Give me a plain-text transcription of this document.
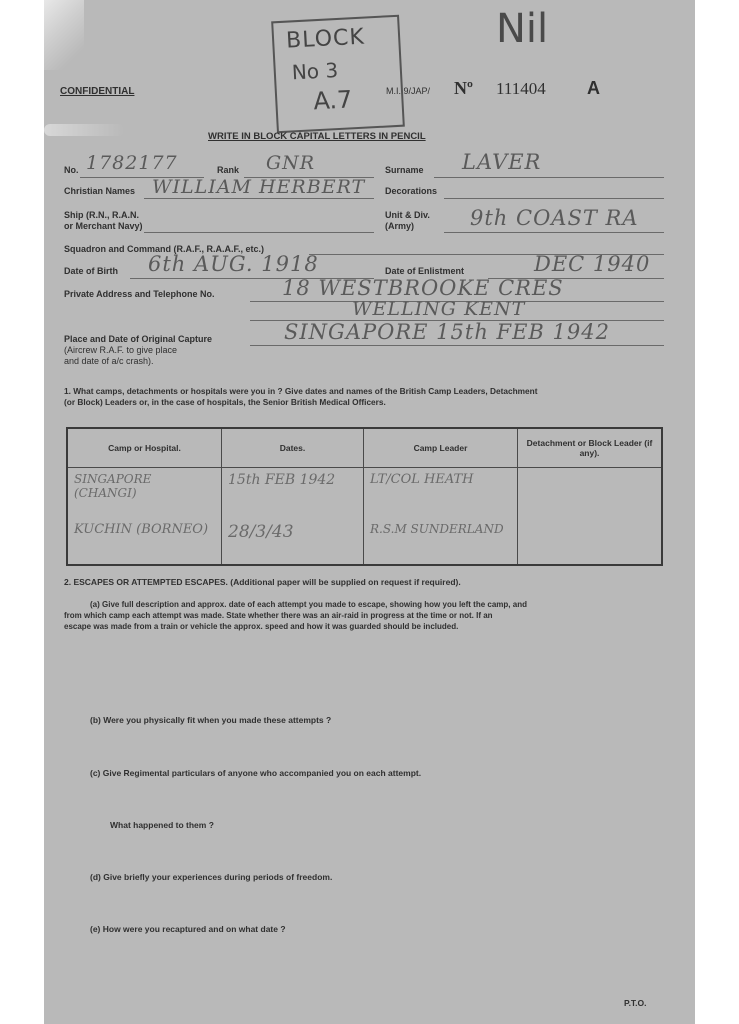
CONFIDENTIAL
BLOCK
No 3
A.7
Nil
M.I. 9/JAP/ Nº 111404 A
WRITE IN BLOCK CAPITAL LETTERS IN PENCIL
No. 1782177	Rank GNR	Surname LAVER
Christian Names WILLIAM HERBERT Decorations
Ship (R.N., R.A.N.
or Merchant Navy)
Unit & Div.
(Army)	9th COAST RA
Squadron and Command (R.A.F., R.A.A.F., etc.)
Date of Birth 6th AUG. 1918	Date of Enlistment	DEC 1940
Private Address and Telephone No.	18 WESTBROOKE CRES
WELLING KENT
Place and Date of Original Capture
(Aircrew R.A.F. to give place
and date of a/c crash).
SINGAPORE 15th FEB 1942
1. What camps, detachments or hospitals were you in ? Give dates and names of the British Camp Leaders, Detachment
(or Block) Leaders or, in the case of hospitals, the Senior British Medical Officers.
Camp or Hospital.	Dates.	Camp Leader	Detachment or Block Leader (if any).
SINGAPORE (CHANGI)	15th FEB 1942	LT/COL HEATH	
KUCHIN (BORNEO)	28/3/43	R.S.M SUNDERLAND	
2. ESCAPES OR ATTEMPTED ESCAPES. (Additional paper will be supplied on request if required).
(a) Give full description and approx. date of each attempt you made to escape, showing how you left the camp, and
from which camp each attempt was made. State whether there was an air-raid in progress at the time or not. If an
escape was made from a train or vehicle the approx. speed and how it was guarded should be included.
(b) Were you physically fit when you made these attempts ?
(c) Give Regimental particulars of anyone who accompanied you on each attempt.
What happened to them ?
(d) Give briefly your experiences during periods of freedom.
(e) How were you recaptured and on what date ?
P.T.O.
